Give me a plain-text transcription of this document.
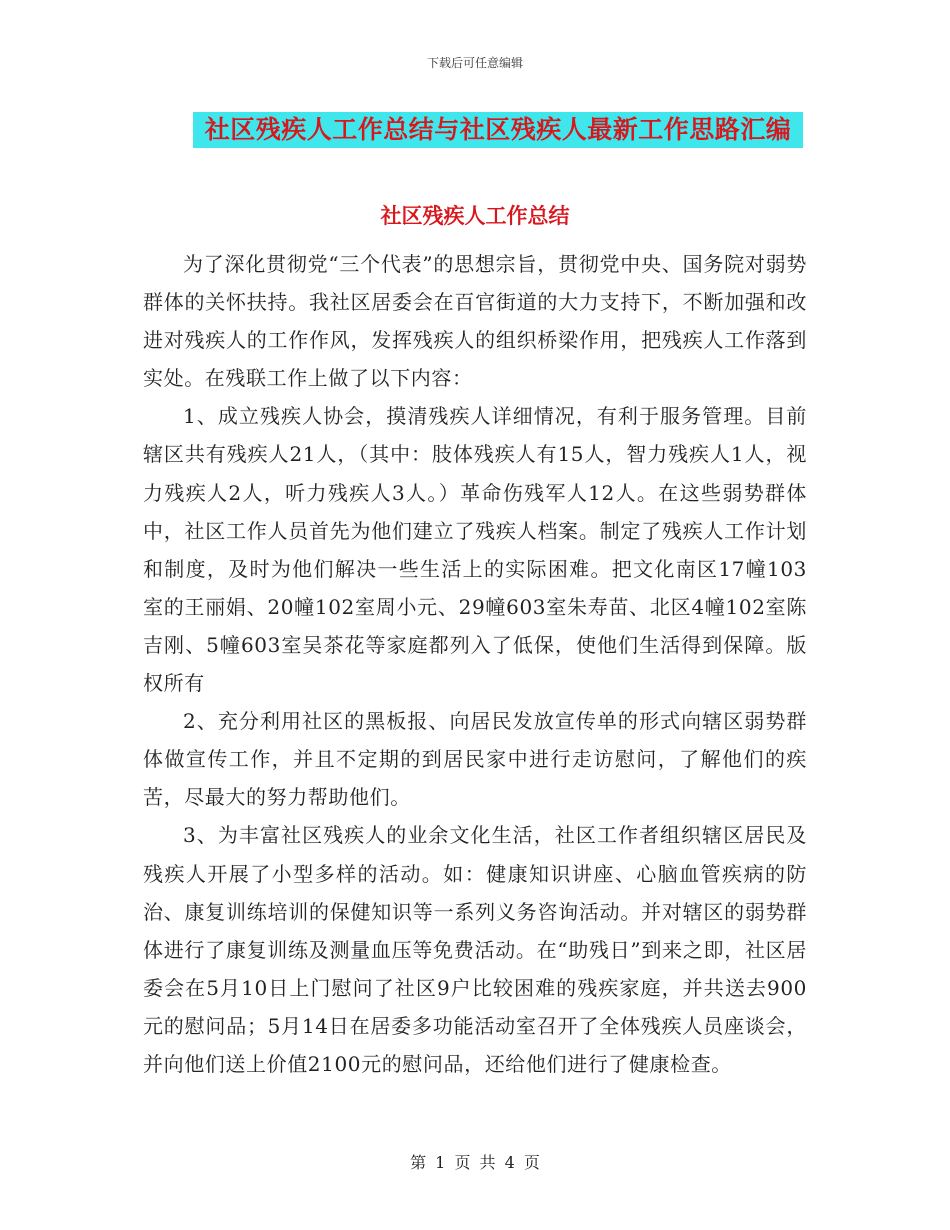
下载后可任意编辑
社区残疾人工作总结与社区残疾人最新工作思路汇编
社区残疾人工作总结

为了深化贯彻党“三个代表”的思想宗旨，贯彻党中央、国务院对弱势群体的关怀扶持。我社区居委会在百官街道的大力支持下，不断加强和改进对残疾人的工作作风，发挥残疾人的组织桥梁作用，把残疾人工作落到实处。在残联工作上做了以下内容：

1、成立残疾人协会，摸清残疾人详细情况，有利于服务管理。目前辖区共有残疾人21人，（其中：肢体残疾人有15人，智力残疾人1人，视力残疾人2人，听力残疾人3人。）革命伤残军人12人。在这些弱势群体中，社区工作人员首先为他们建立了残疾人档案。制定了残疾人工作计划和制度，及时为他们解决一些生活上的实际困难。把文化南区17幢103室的王丽娟、20幢102室周小元、29幢603室朱寿苗、北区4幢102室陈吉刚、5幢603室吴茶花等家庭都列入了低保，使他们生活得到保障。版权所有

2、充分利用社区的黑板报、向居民发放宣传单的形式向辖区弱势群体做宣传工作，并且不定期的到居民家中进行走访慰问，了解他们的疾苦，尽最大的努力帮助他们。

3、为丰富社区残疾人的业余文化生活，社区工作者组织辖区居民及残疾人开展了小型多样的活动。如：健康知识讲座、心脑血管疾病的防治、康复训练培训的保健知识等一系列义务咨询活动。并对辖区的弱势群体进行了康复训练及测量血压等免费活动。在“助残日”到来之即，社区居委会在5月10日上门慰问了社区9户比较困难的残疾家庭，并共送去900元的慰问品；5月14日在居委多功能活动室召开了全体残疾人员座谈会，并向他们送上价值2100元的慰问品，还给他们进行了健康检查。

第 1 页 共 4 页
